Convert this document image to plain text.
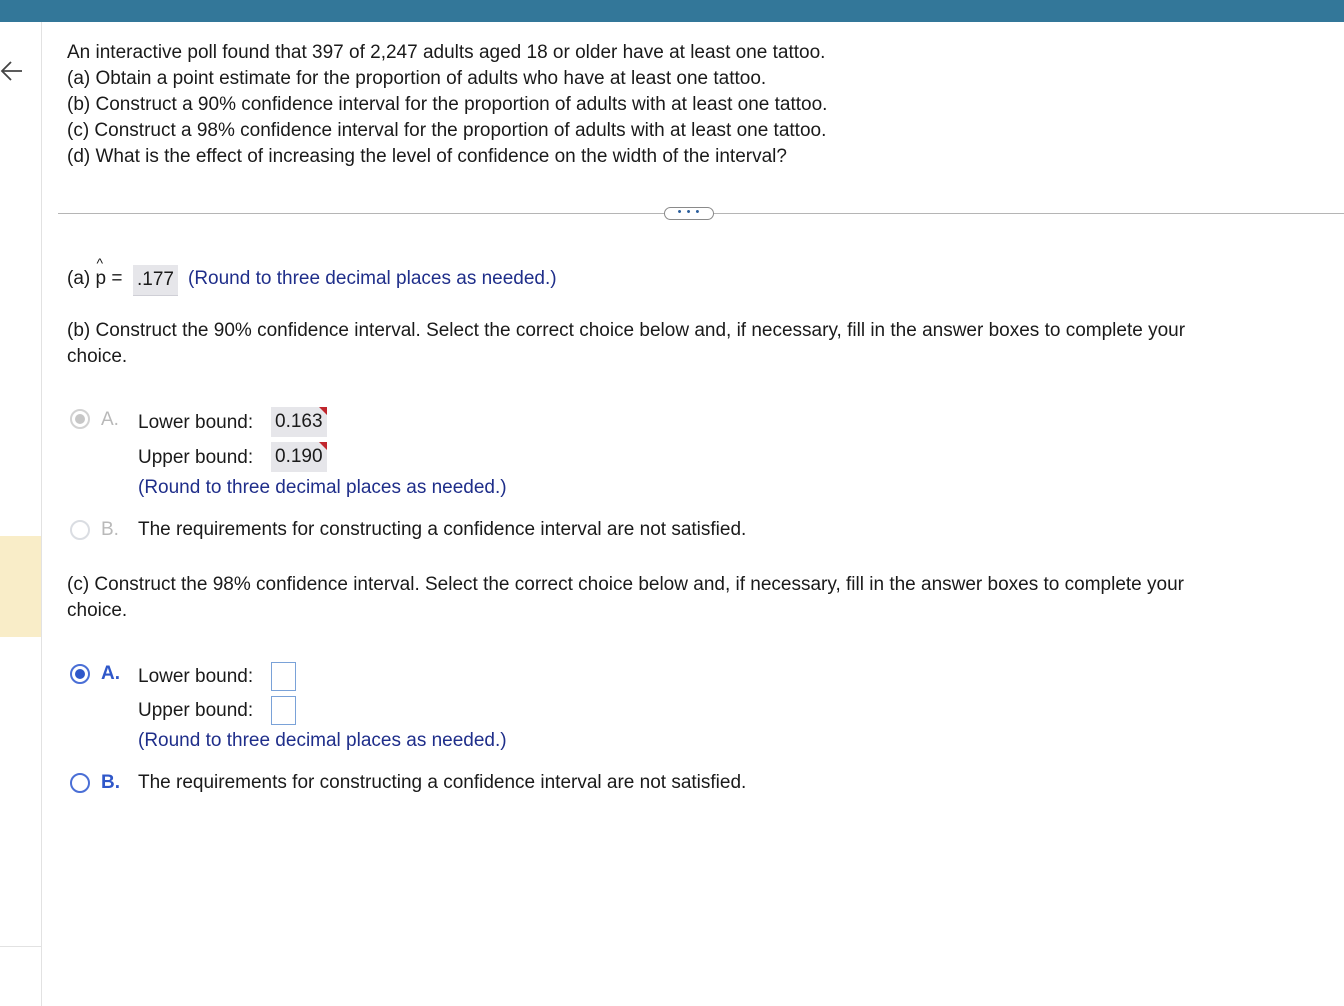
An interactive poll found that 397 of 2,247 adults aged 18 or older have at least one tattoo.
(a) Obtain a point estimate for the proportion of adults who have at least one tattoo.
(b) Construct a 90% confidence interval for the proportion of adults with at least one tattoo.
(c) Construct a 98% confidence interval for the proportion of adults with at least one tattoo.
(d) What is the effect of increasing the level of confidence on the width of the interval?
• • •
(a)
^
p = .177 (Round to three decimal places as needed.)
(b) Construct the 90% confidence interval. Select the correct choice below and, if necessary, fill in the answer boxes to complete your
choice.
A. Lower bound: 0.163
Upper bound: 0.190
(Round to three decimal places as needed.)
B. The requirements for constructing a confidence interval are not satisfied.
(c) Construct the 98% confidence interval. Select the correct choice below and, if necessary, fill in the answer boxes to complete your
choice.
A. Lower bound:
Upper bound:
(Round to three decimal places as needed.)
B. The requirements for constructing a confidence interval are not satisfied.
